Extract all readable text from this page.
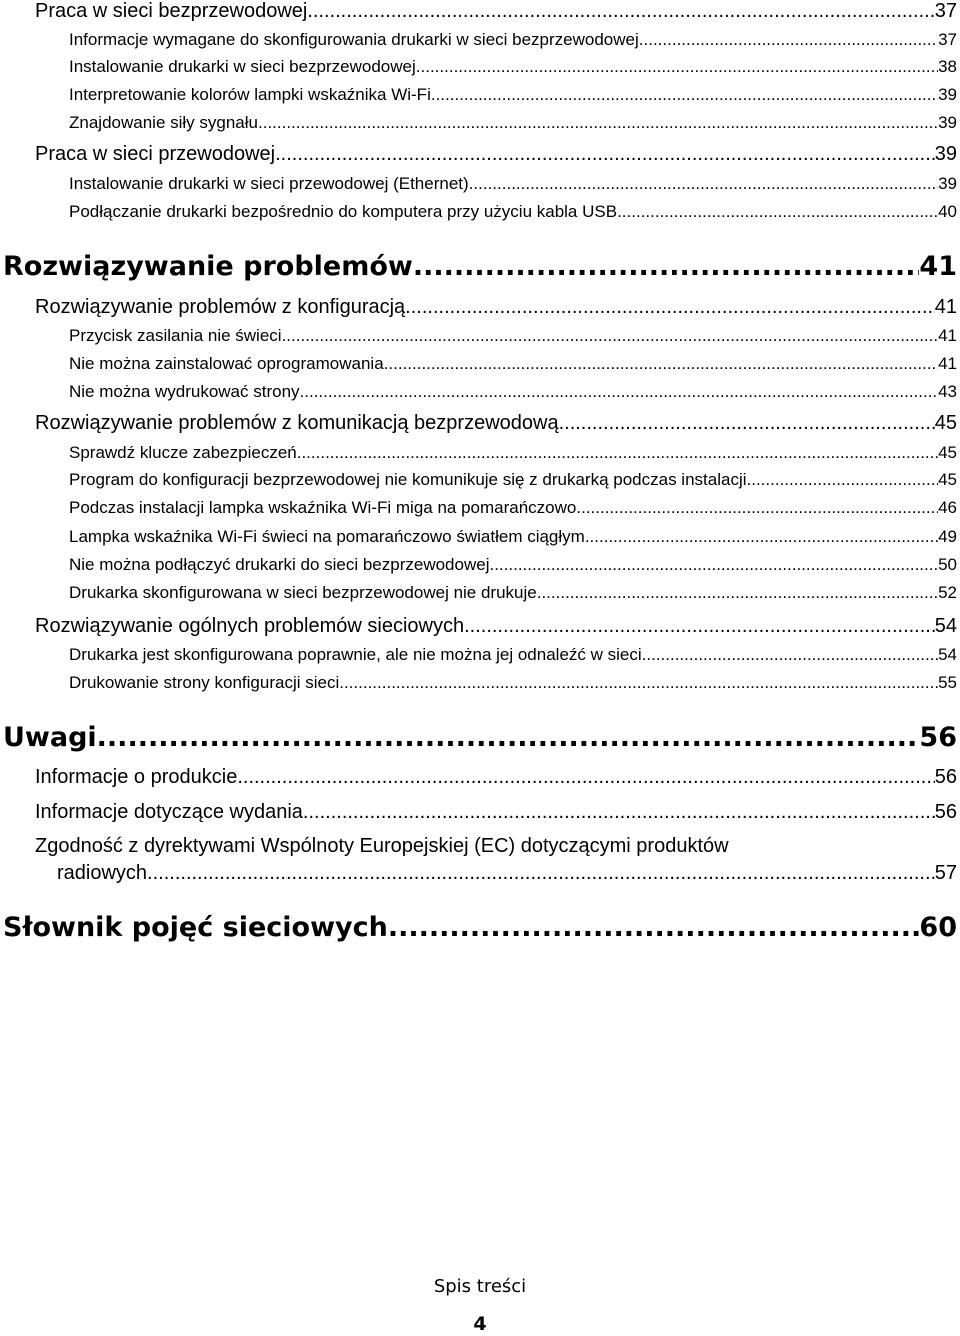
Praca w sieci bezprzewodowej .....	37
Informacje wymagane do skonfigurowania drukarki w sieci bezprzewodowej .....	37
Instalowanie drukarki w sieci bezprzewodowej .....	38
Interpretowanie kolorów lampki wskaźnika Wi-Fi .....	39
Znajdowanie siły sygnału .....	39
Praca w sieci przewodowej .....	39
Instalowanie drukarki w sieci przewodowej (Ethernet) .....	39
Podłączanie drukarki bezpośrednio do komputera przy użyciu kabla USB .....	40
Rozwiązywanie problemów .....	41
Rozwiązywanie problemów z konfiguracją .....	41
Przycisk zasilania nie świeci .....	41
Nie można zainstalować oprogramowania .....	41
Nie można wydrukować strony .....	43
Rozwiązywanie problemów z komunikacją bezprzewodową .....	45
Sprawdź klucze zabezpieczeń .....	45
Program do konfiguracji bezprzewodowej nie komunikuje się z drukarką podczas instalacji. .....	45
Podczas instalacji lampka wskaźnika Wi-Fi miga na pomarańczowo .....	46
Lampka wskaźnika Wi-Fi świeci na pomarańczowo światłem ciągłym .....	49
Nie można podłączyć drukarki do sieci bezprzewodowej .....	50
Drukarka skonfigurowana w sieci bezprzewodowej nie drukuje .....	52
Rozwiązywanie ogólnych problemów sieciowych .....	54
Drukarka jest skonfigurowana poprawnie, ale nie można jej odnaleźć w sieci .....	54
Drukowanie strony konfiguracji sieci .....	55
Uwagi .....	56
Informacje o produkcie .....	56
Informacje dotyczące wydania .....	56
Zgodność z dyrektywami Wspólnoty Europejskiej (EC) dotyczącymi produktów
radiowych .....	57
Słownik pojęć sieciowych .....	60
Spis treści
4
